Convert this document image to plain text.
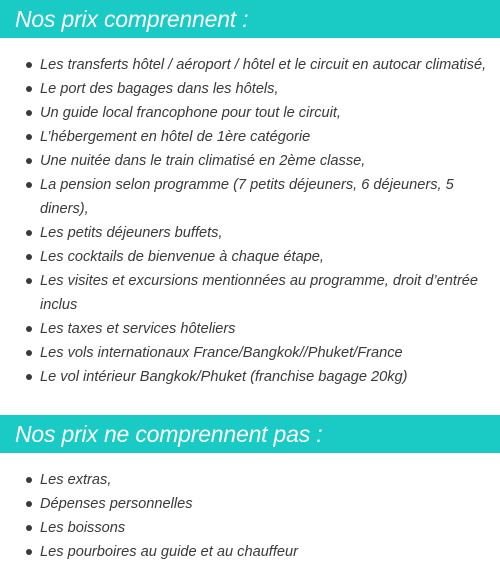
Nos prix comprennent :
Les transferts hôtel / aéroport / hôtel et le circuit en autocar climatisé,
Le port des bagages dans les hôtels,
Un guide local francophone pour tout le circuit,
L’hébergement en hôtel de 1ère catégorie
Une nuitée dans le train climatisé en 2ème classe,
La pension selon programme (7 petits déjeuners, 6 déjeuners, 5 diners),
Les petits déjeuners buffets,
Les cocktails de bienvenue à chaque étape,
Les visites et excursions mentionnées au programme, droit d’entrée inclus
Les taxes et services hôteliers
Les vols internationaux France/Bangkok//Phuket/France
Le vol intérieur Bangkok/Phuket (franchise bagage 20kg)
Nos prix ne comprennent pas :
Les extras,
Dépenses personnelles
Les boissons
Les pourboires au guide et au chauffeur
